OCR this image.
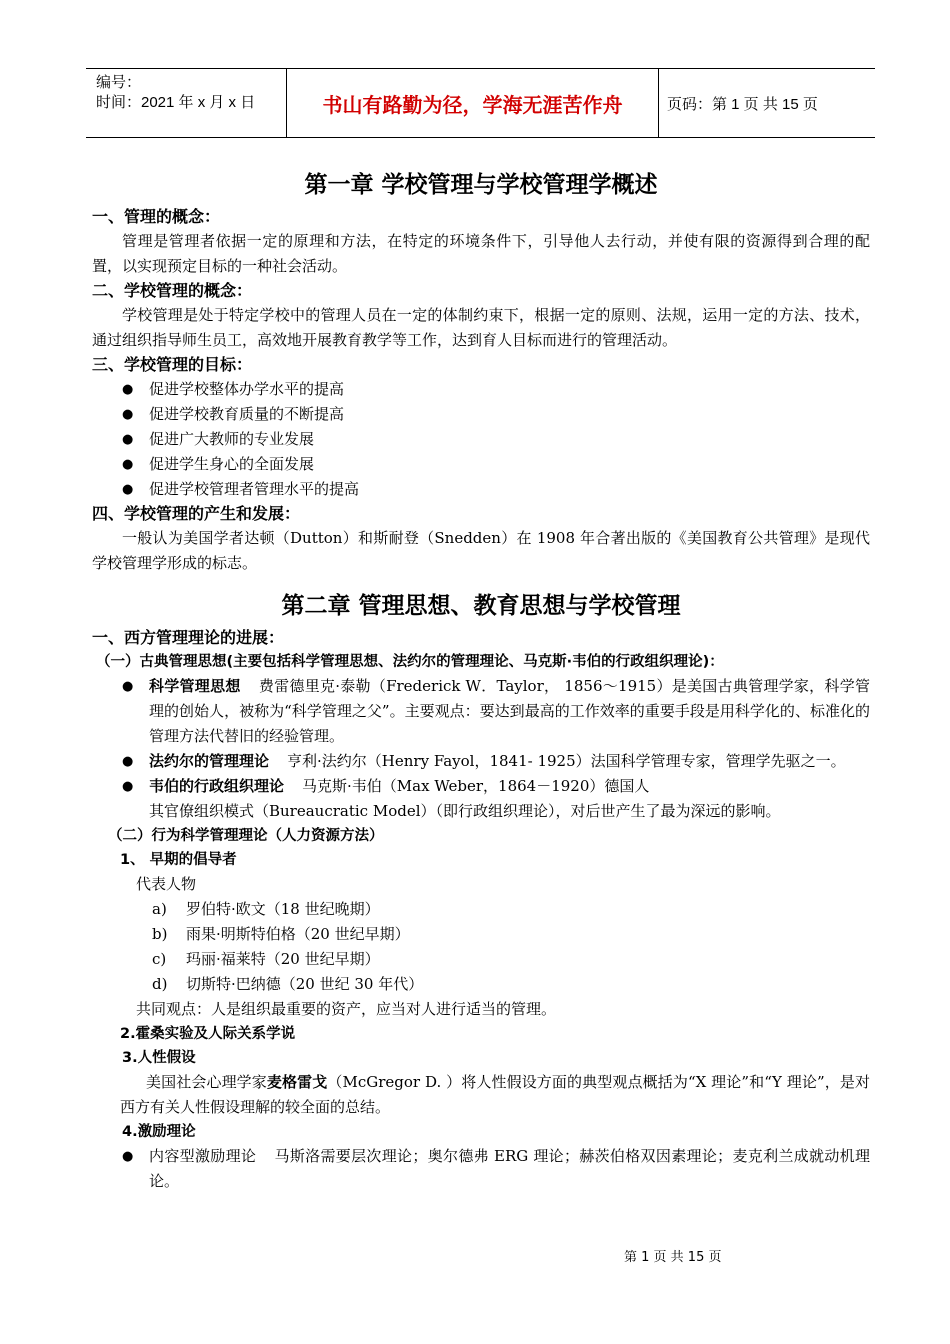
编号：
时间：2021 年 x 月 x 日	书山有路勤为径，学海无涯苦作舟	页码：第 1 页 共 15 页

第一章 学校管理与学校管理学概述

一、管理的概念：

管理是管理者依据一定的原理和方法，在特定的环境条件下，引导他人去行动，并使有限的资源得到合理的配置，以实现预定目标的一种社会活动。

二、学校管理的概念：

学校管理是处于特定学校中的管理人员在一定的体制约束下，根据一定的原则、法规，运用一定的方法、技术，通过组织指导师生员工，高效地开展教育教学等工作，达到育人目标而进行的管理活动。

三、学校管理的目标：

● 促进学校整体办学水平的提高

● 促进学校教育质量的不断提高

● 促进广大教师的专业发展

● 促进学生身心的全面发展

● 促进学校管理者管理水平的提高

四、学校管理的产生和发展：

一般认为美国学者达顿（Dutton）和斯耐登（Snedden）在 1908 年合著出版的《美国教育公共管理》是现代学校管理学形成的标志。

第二章 管理思想、教育思想与学校管理

一、西方管理理论的进展：

（一）古典管理思想(主要包括科学管理思想、法约尔的管理理论、马克斯·韦伯的行政组织理论)：

● 科学管理思想 费雷德里克·泰勒（Frederick W．Taylor， 1856～1915）是美国古典管理学家，科学管理的创始人，被称为“科学管理之父”。主要观点：要达到最高的工作效率的重要手段是用科学化的、标准化的管理方法代替旧的经验管理。

● 法约尔的管理理论 亨利·法约尔（Henry Fayol，1841- 1925）法国科学管理专家，管理学先驱之一。

● 韦伯的行政组织理论 马克斯·韦伯（Max Weber，1864－1920）德国人

其官僚组织模式（Bureaucratic Model）（即行政组织理论），对后世产生了最为深远的影响。

（二）行为科学管理理论（人力资源方法）

1、 早期的倡导者

代表人物

a) 罗伯特·欧文（18 世纪晚期）

b) 雨果·明斯特伯格（20 世纪早期）

c) 玛丽·福莱特（20 世纪早期）

d) 切斯特·巴纳德（20 世纪 30 年代）

共同观点：人是组织最重要的资产，应当对人进行适当的管理。

2.霍桑实验及人际关系学说

3.人性假设

美国社会心理学家麦格雷戈（McGregor D. ）将人性假设方面的典型观点概括为“X 理论”和“Y 理论”，是对西方有关人性假设理解的较全面的总结。

4.激励理论

● 内容型激励理论 马斯洛需要层次理论；奥尔德弗 ERG 理论；赫茨伯格双因素理论；麦克利兰成就动机理论。

第 1 页 共 15 页
